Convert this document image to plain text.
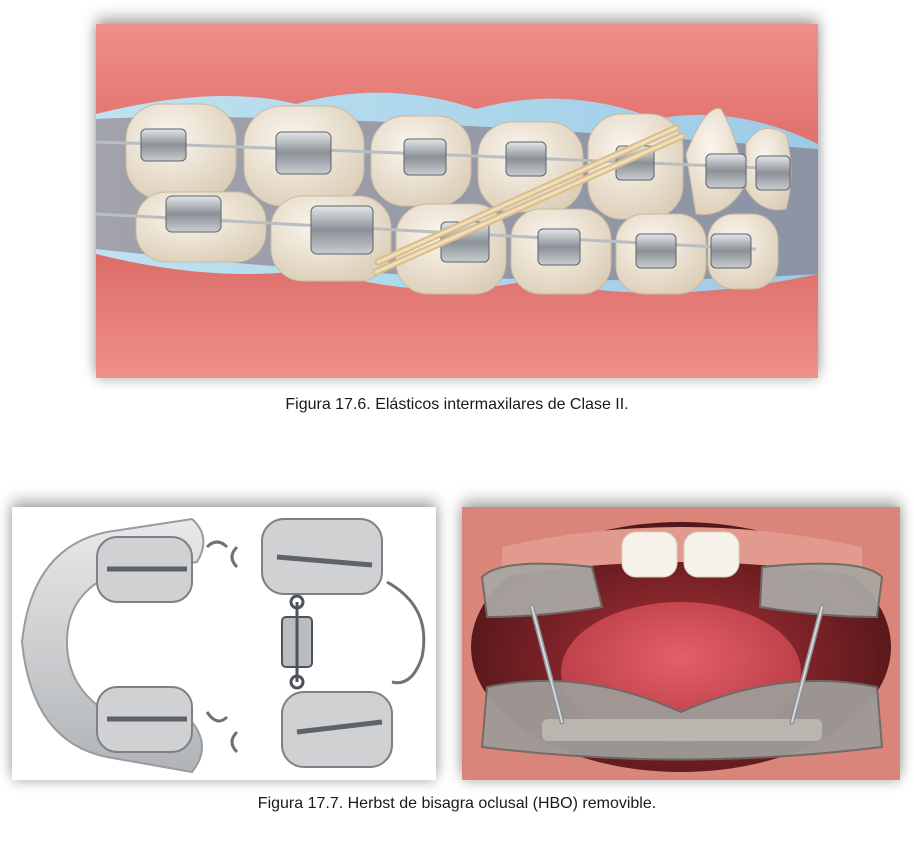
Figura 17.6. Elásticos intermaxilares de Clase II.

Figura 17.7. Herbst de bisagra oclusal (HBO) removible.
